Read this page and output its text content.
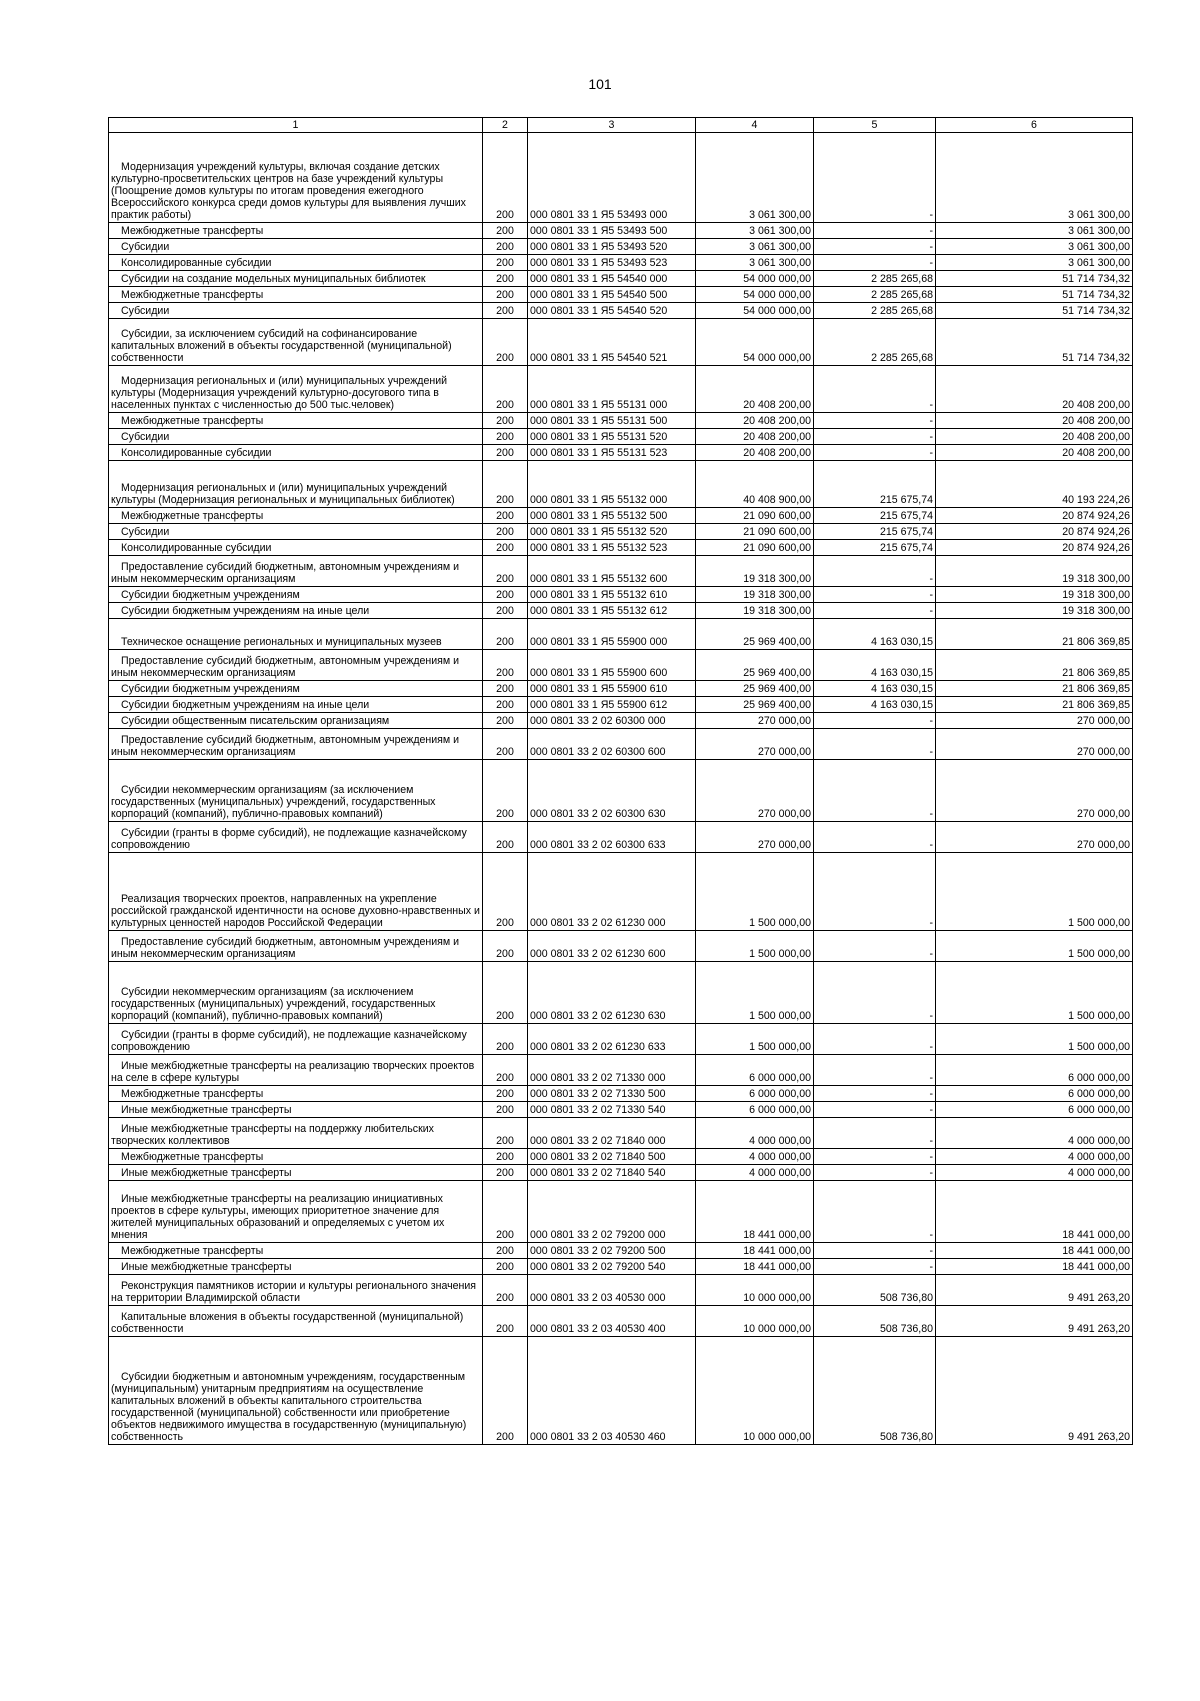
101
1	2	3	4	5	6
Модернизация учреждений культуры, включая создание детских культурно-просветительских центров на базе учреждений культуры (Поощрение домов культуры по итогам проведения ежегодного Всероссийского конкурса среди домов культуры для выявления лучших практик работы)	200	000 0801 33 1 Я5 53493 000	3 061 300,00	-	3 061 300,00
Межбюджетные трансферты	200	000 0801 33 1 Я5 53493 500	3 061 300,00	-	3 061 300,00
Субсидии	200	000 0801 33 1 Я5 53493 520	3 061 300,00	-	3 061 300,00
Консолидированные субсидии	200	000 0801 33 1 Я5 53493 523	3 061 300,00	-	3 061 300,00
Субсидии на создание модельных муниципальных библиотек	200	000 0801 33 1 Я5 54540 000	54 000 000,00	2 285 265,68	51 714 734,32
Межбюджетные трансферты	200	000 0801 33 1 Я5 54540 500	54 000 000,00	2 285 265,68	51 714 734,32
Субсидии	200	000 0801 33 1 Я5 54540 520	54 000 000,00	2 285 265,68	51 714 734,32
Субсидии, за исключением субсидий на софинансирование капитальных вложений в объекты государственной (муниципальной) собственности	200	000 0801 33 1 Я5 54540 521	54 000 000,00	2 285 265,68	51 714 734,32
Модернизация региональных и (или) муниципальных учреждений культуры (Модернизация учреждений культурно-досугового типа в населенных пунктах с численностью до 500 тыс.человек)	200	000 0801 33 1 Я5 55131 000	20 408 200,00	-	20 408 200,00
Межбюджетные трансферты	200	000 0801 33 1 Я5 55131 500	20 408 200,00	-	20 408 200,00
Субсидии	200	000 0801 33 1 Я5 55131 520	20 408 200,00	-	20 408 200,00
Консолидированные субсидии	200	000 0801 33 1 Я5 55131 523	20 408 200,00	-	20 408 200,00
Модернизация региональных и (или) муниципальных учреждений культуры (Модернизация региональных и муниципальных библиотек)	200	000 0801 33 1 Я5 55132 000	40 408 900,00	215 675,74	40 193 224,26
Межбюджетные трансферты	200	000 0801 33 1 Я5 55132 500	21 090 600,00	215 675,74	20 874 924,26
Субсидии	200	000 0801 33 1 Я5 55132 520	21 090 600,00	215 675,74	20 874 924,26
Консолидированные субсидии	200	000 0801 33 1 Я5 55132 523	21 090 600,00	215 675,74	20 874 924,26
Предоставление субсидий бюджетным, автономным учреждениям и иным некоммерческим организациям	200	000 0801 33 1 Я5 55132 600	19 318 300,00	-	19 318 300,00
Субсидии бюджетным учреждениям	200	000 0801 33 1 Я5 55132 610	19 318 300,00	-	19 318 300,00
Субсидии бюджетным учреждениям на иные цели	200	000 0801 33 1 Я5 55132 612	19 318 300,00	-	19 318 300,00
Техническое оснащение региональных и муниципальных музеев	200	000 0801 33 1 Я5 55900 000	25 969 400,00	4 163 030,15	21 806 369,85
Предоставление субсидий бюджетным, автономным учреждениям и иным некоммерческим организациям	200	000 0801 33 1 Я5 55900 600	25 969 400,00	4 163 030,15	21 806 369,85
Субсидии бюджетным учреждениям	200	000 0801 33 1 Я5 55900 610	25 969 400,00	4 163 030,15	21 806 369,85
Субсидии бюджетным учреждениям на иные цели	200	000 0801 33 1 Я5 55900 612	25 969 400,00	4 163 030,15	21 806 369,85
Субсидии общественным писательским организациям	200	000 0801 33 2 02 60300 000	270 000,00	-	270 000,00
Предоставление субсидий бюджетным, автономным учреждениям и иным некоммерческим организациям	200	000 0801 33 2 02 60300 600	270 000,00	-	270 000,00
Субсидии некоммерческим организациям (за исключением государственных (муниципальных) учреждений, государственных корпораций (компаний), публично-правовых компаний)	200	000 0801 33 2 02 60300 630	270 000,00	-	270 000,00
Субсидии (гранты в форме субсидий), не подлежащие казначейскому сопровождению	200	000 0801 33 2 02 60300 633	270 000,00	-	270 000,00
Реализация творческих проектов, направленных на укрепление российской гражданской идентичности на основе духовно-нравственных и культурных ценностей народов Российской Федерации	200	000 0801 33 2 02 61230 000	1 500 000,00	-	1 500 000,00
Предоставление субсидий бюджетным, автономным учреждениям и иным некоммерческим организациям	200	000 0801 33 2 02 61230 600	1 500 000,00	-	1 500 000,00
Субсидии некоммерческим организациям (за исключением государственных (муниципальных) учреждений, государственных корпораций (компаний), публично-правовых компаний)	200	000 0801 33 2 02 61230 630	1 500 000,00	-	1 500 000,00
Субсидии (гранты в форме субсидий), не подлежащие казначейскому сопровождению	200	000 0801 33 2 02 61230 633	1 500 000,00	-	1 500 000,00
Иные межбюджетные трансферты на реализацию творческих проектов на селе в сфере культуры	200	000 0801 33 2 02 71330 000	6 000 000,00	-	6 000 000,00
Межбюджетные трансферты	200	000 0801 33 2 02 71330 500	6 000 000,00	-	6 000 000,00
Иные межбюджетные трансферты	200	000 0801 33 2 02 71330 540	6 000 000,00	-	6 000 000,00
Иные межбюджетные трансферты на поддержку любительских творческих коллективов	200	000 0801 33 2 02 71840 000	4 000 000,00	-	4 000 000,00
Межбюджетные трансферты	200	000 0801 33 2 02 71840 500	4 000 000,00	-	4 000 000,00
Иные межбюджетные трансферты	200	000 0801 33 2 02 71840 540	4 000 000,00	-	4 000 000,00
Иные межбюджетные трансферты на реализацию инициативных проектов в сфере культуры, имеющих приоритетное значение для жителей муниципальных образований и определяемых с учетом их мнения	200	000 0801 33 2 02 79200 000	18 441 000,00	-	18 441 000,00
Межбюджетные трансферты	200	000 0801 33 2 02 79200 500	18 441 000,00	-	18 441 000,00
Иные межбюджетные трансферты	200	000 0801 33 2 02 79200 540	18 441 000,00	-	18 441 000,00
Реконструкция памятников истории и культуры регионального значения на территории Владимирской области	200	000 0801 33 2 03 40530 000	10 000 000,00	508 736,80	9 491 263,20
Капитальные вложения в объекты государственной (муниципальной) собственности	200	000 0801 33 2 03 40530 400	10 000 000,00	508 736,80	9 491 263,20
Субсидии бюджетным и автономным учреждениям, государственным (муниципальным) унитарным предприятиям на осуществление капитальных вложений в объекты капитального строительства государственной (муниципальной) собственности или приобретение объектов недвижимого имущества в государственную (муниципальную) собственность	200	000 0801 33 2 03 40530 460	10 000 000,00	508 736,80	9 491 263,20
